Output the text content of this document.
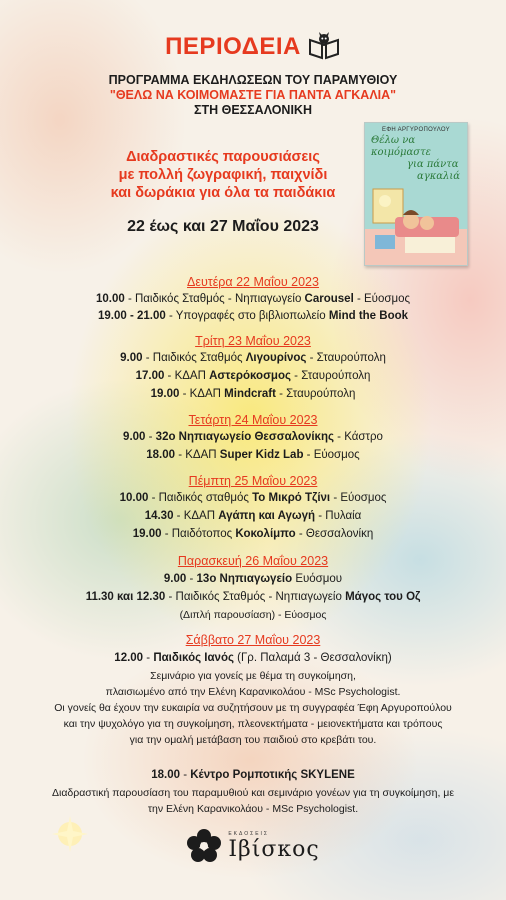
ΠΕΡΙΟΔΕΙΑ
ΠΡΟΓΡΑΜΜΑ ΕΚΔΗΛΩΣΕΩΝ ΤΟΥ ΠΑΡΑΜΥΘΙΟΥ
"ΘΕΛΩ ΝΑ ΚΟΙΜΟΜΑΣΤΕ ΓΙΑ ΠΑΝΤΑ ΑΓΚΑΛΙΑ"
ΣΤΗ ΘΕΣΣΑΛΟΝΙΚΗ
Διαδραστικές παρουσιάσεις
με πολλή ζωγραφική, παιχνίδι
και δωράκια για όλα τα παιδάκια
22 έως και 27 Μαΐου 2023
ΕΦΗ ΑΡΓΥΡΟΠΟΥΛΟΥ
Θέλω να κοιμόμαστε
για πάντα
αγκαλιά
Δευτέρα 22 Μαΐου 2023
10.00 - Παιδικός Σταθμός - Νηπιαγωγείο Carousel - Εύοσμος
19.00 - 21.00 - Υπογραφές στο βιβλιοπωλείο Mind the Book
Τρίτη 23 Μαΐου 2023
9.00 - Παιδικός Σταθμός Λιγουρίνος - Σταυρούπολη
17.00 - ΚΔΑΠ Αστερόκοσμος - Σταυρούπολη
19.00 - ΚΔΑΠ Mindcraft - Σταυρούπολη
Τετάρτη 24 Μαΐου 2023
9.00 - 32ο Νηπιαγωγείο Θεσσαλονίκης - Κάστρο
18.00 - ΚΔΑΠ Super Kidz Lab - Εύοσμος
Πέμπτη 25 Μαΐου 2023
10.00 - Παιδικός σταθμός Το Μικρό Τζίνι - Εύοσμος
14.30 - ΚΔΑΠ Αγάπη και Αγωγή - Πυλαία
19.00 - Παιδότοπος Κοκολίμπο - Θεσσαλονίκη
Παρασκευή 26 Μαΐου 2023
9.00 - 13ο Νηπιαγωγείο Ευόσμου
11.30 και 12.30 - Παιδικός Σταθμός - Νηπιαγωγείο Μάγος του Οζ
(Διπλή παρουσίαση) - Εύοσμος
Σάββατο 27 Μαΐου 2023
12.00 - Παιδικός Ιανός (Γρ. Παλαμά 3 - Θεσσαλονίκη)
Σεμινάριο για γονείς με θέμα τη συγκοίμηση,
πλαισιωμένο από την Ελένη Καρανικολάου - MSc Psychologist.
Οι γονείς θα έχουν την ευκαιρία να συζητήσουν με τη συγγραφέα Έφη Αργυροπούλου
και την ψυχολόγο για τη συγκοίμηση, πλεονεκτήματα - μειονεκτήματα και τρόπους
για την ομαλή μετάβαση του παιδιού στο κρεβάτι του.
18.00 - Κέντρο Ρομποτικής SKYLENE
Διαδραστική παρουσίαση του παραμυθιού και σεμινάριο γονέων για τη συγκοίμηση, με
την Ελένη Καρανικολάου - MSc Psychologist.
ΕΚΔΟΣΕΙΣ
Ιβίσκος
